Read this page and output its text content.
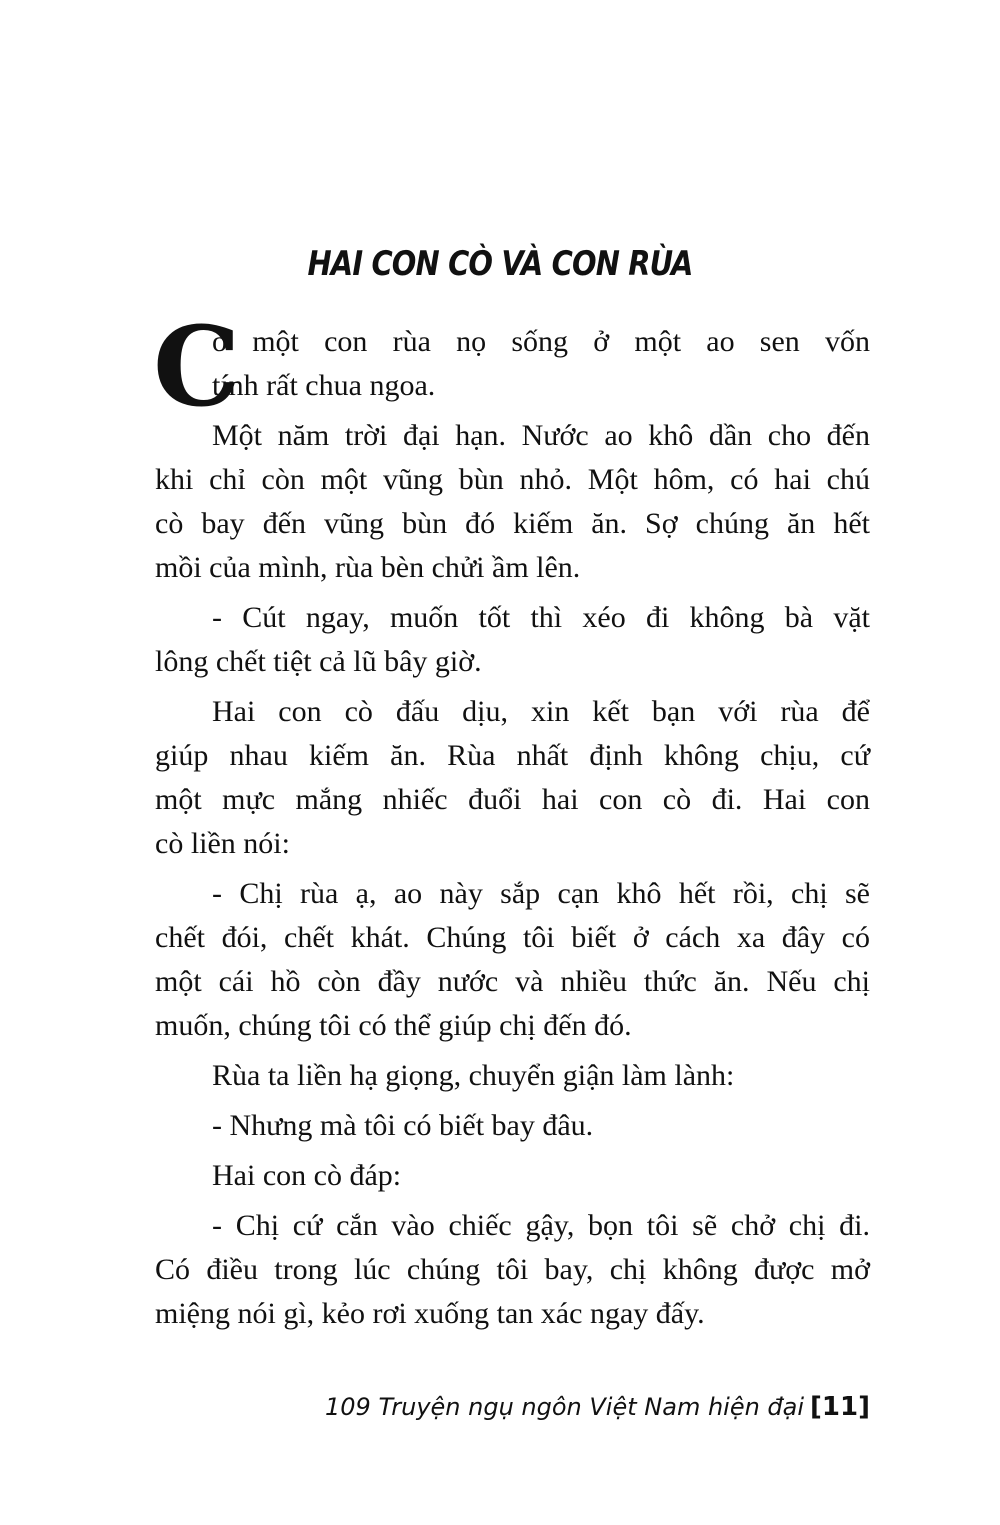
HAI CON CÒ VÀ CON RÙA
C
ó một con rùa nọ sống ở một ao sen vốn
tính rất chua ngoa.
Một năm trời đại hạn. Nước ao khô dần cho đến
khi chỉ còn một vũng bùn nhỏ. Một hôm, có hai chú
cò bay đến vũng bùn đó kiếm ăn. Sợ chúng ăn hết
mồi của mình, rùa bèn chửi ầm lên.
- Cút ngay, muốn tốt thì xéo đi không bà vặt
lông chết tiệt cả lũ bây giờ.
Hai con cò đấu dịu, xin kết bạn với rùa để
giúp nhau kiếm ăn. Rùa nhất định không chịu, cứ
một mực mắng nhiếc đuổi hai con cò đi. Hai con
cò liền nói:
- Chị rùa ạ, ao này sắp cạn khô hết rồi, chị sẽ
chết đói, chết khát. Chúng tôi biết ở cách xa đây có
một cái hồ còn đầy nước và nhiều thức ăn. Nếu chị
muốn, chúng tôi có thể giúp chị đến đó.
Rùa ta liền hạ giọng, chuyển giận làm lành:
- Nhưng mà tôi có biết bay đâu.
Hai con cò đáp:
- Chị cứ cắn vào chiếc gậy, bọn tôi sẽ chở chị đi.
Có điều trong lúc chúng tôi bay, chị không được mở
miệng nói gì, kẻo rơi xuống tan xác ngay đấy.
109 Truyện ngụ ngôn Việt Nam hiện đại [11]
